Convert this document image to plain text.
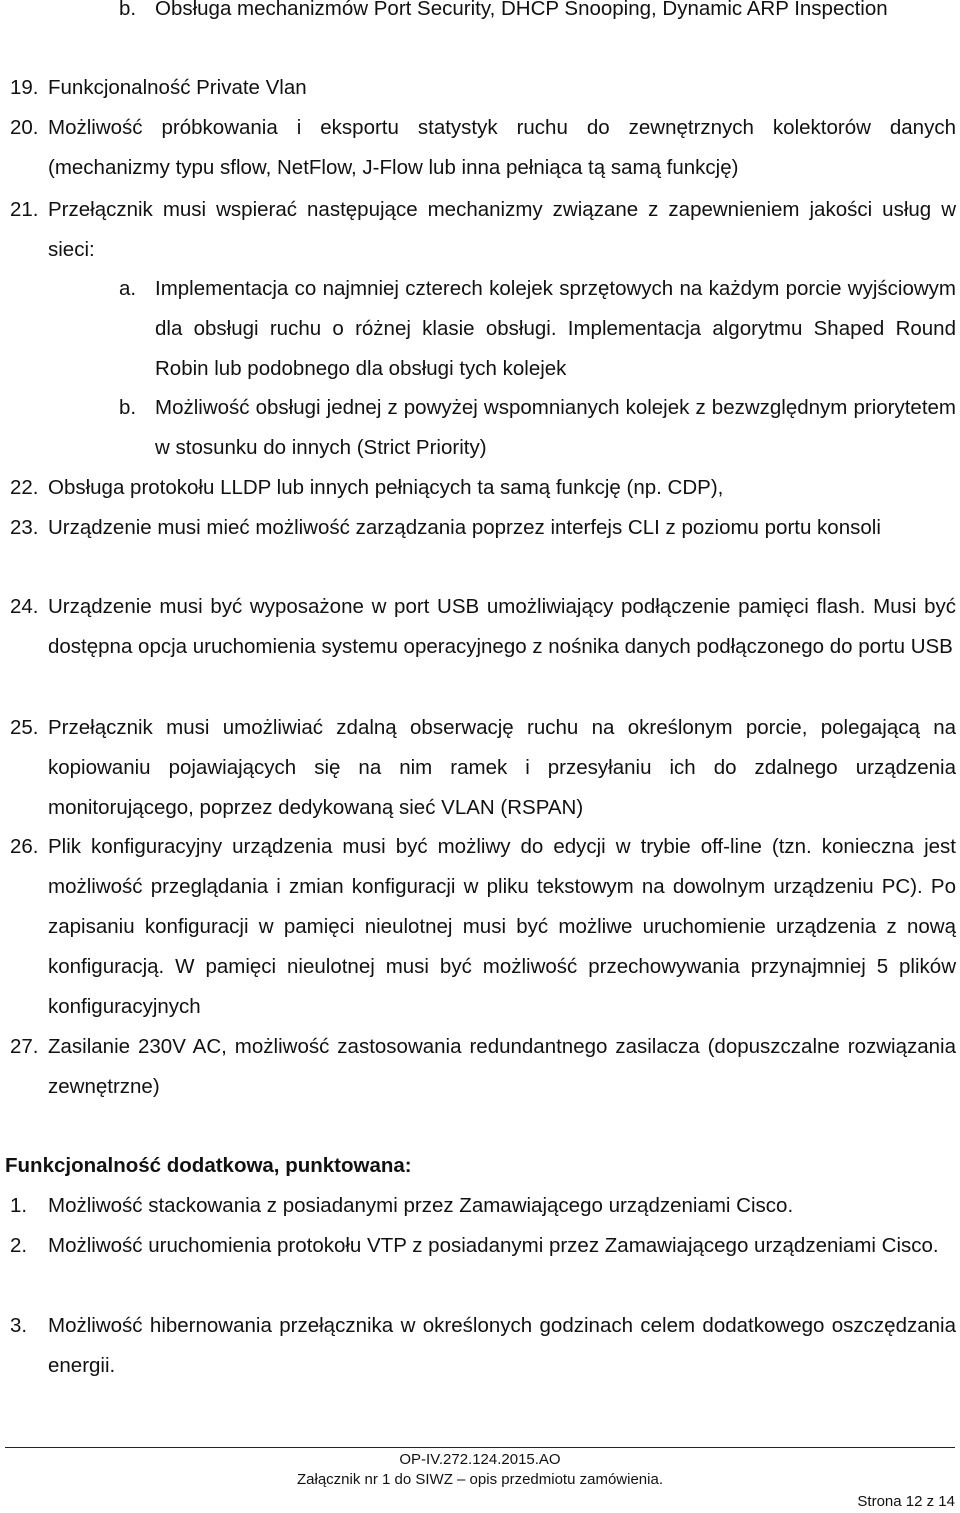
b. Obsługa mechanizmów Port Security, DHCP Snooping, Dynamic ARP Inspection
19. Funkcjonalność Private Vlan
20. Możliwość próbkowania i eksportu statystyk ruchu do zewnętrznych kolektorów danych (mechanizmy typu sflow, NetFlow, J-Flow lub inna pełniąca tą samą funkcję)
21. Przełącznik musi wspierać następujące mechanizmy związane z zapewnieniem jakości usług w sieci:
a. Implementacja co najmniej czterech kolejek sprzętowych na każdym porcie wyjściowym dla obsługi ruchu o różnej klasie obsługi. Implementacja algorytmu Shaped Round Robin lub podobnego dla obsługi tych kolejek
b. Możliwość obsługi jednej z powyżej wspomnianych kolejek z bezwzględnym priorytetem w stosunku do innych (Strict Priority)
22. Obsługa protokołu LLDP lub innych pełniących ta samą funkcję (np. CDP),
23. Urządzenie musi mieć możliwość zarządzania poprzez interfejs CLI z poziomu portu konsoli
24. Urządzenie musi być wyposażone w port USB umożliwiający podłączenie pamięci flash. Musi być dostępna opcja uruchomienia systemu operacyjnego z nośnika danych podłączonego do portu USB
25. Przełącznik musi umożliwiać zdalną obserwację ruchu na określonym porcie, polegającą na kopiowaniu pojawiających się na nim ramek i przesyłaniu ich do zdalnego urządzenia monitorującego, poprzez dedykowaną sieć VLAN (RSPAN)
26. Plik konfiguracyjny urządzenia musi być możliwy do edycji w trybie off-line (tzn. konieczna jest możliwość przeglądania i zmian konfiguracji w pliku tekstowym na dowolnym urządzeniu PC). Po zapisaniu konfiguracji w pamięci nieulotnej musi być możliwe uruchomienie urządzenia z nową konfiguracją. W pamięci nieulotnej musi być możliwość przechowywania przynajmniej 5 plików konfiguracyjnych
27. Zasilanie 230V AC, możliwość zastosowania redundantnego zasilacza (dopuszczalne rozwiązania zewnętrzne)

Funkcjonalność dodatkowa, punktowana:

1. Możliwość stackowania z posiadanymi przez Zamawiającego urządzeniami Cisco.
2. Możliwość uruchomienia protokołu VTP z posiadanymi przez Zamawiającego urządzeniami Cisco.
3. Możliwość hibernowania przełącznika w określonych godzinach celem dodatkowego oszczędzania energii.
OP-IV.272.124.2015.AO
Załącznik nr 1 do SIWZ – opis przedmiotu zamówienia.
Strona 12 z 14
